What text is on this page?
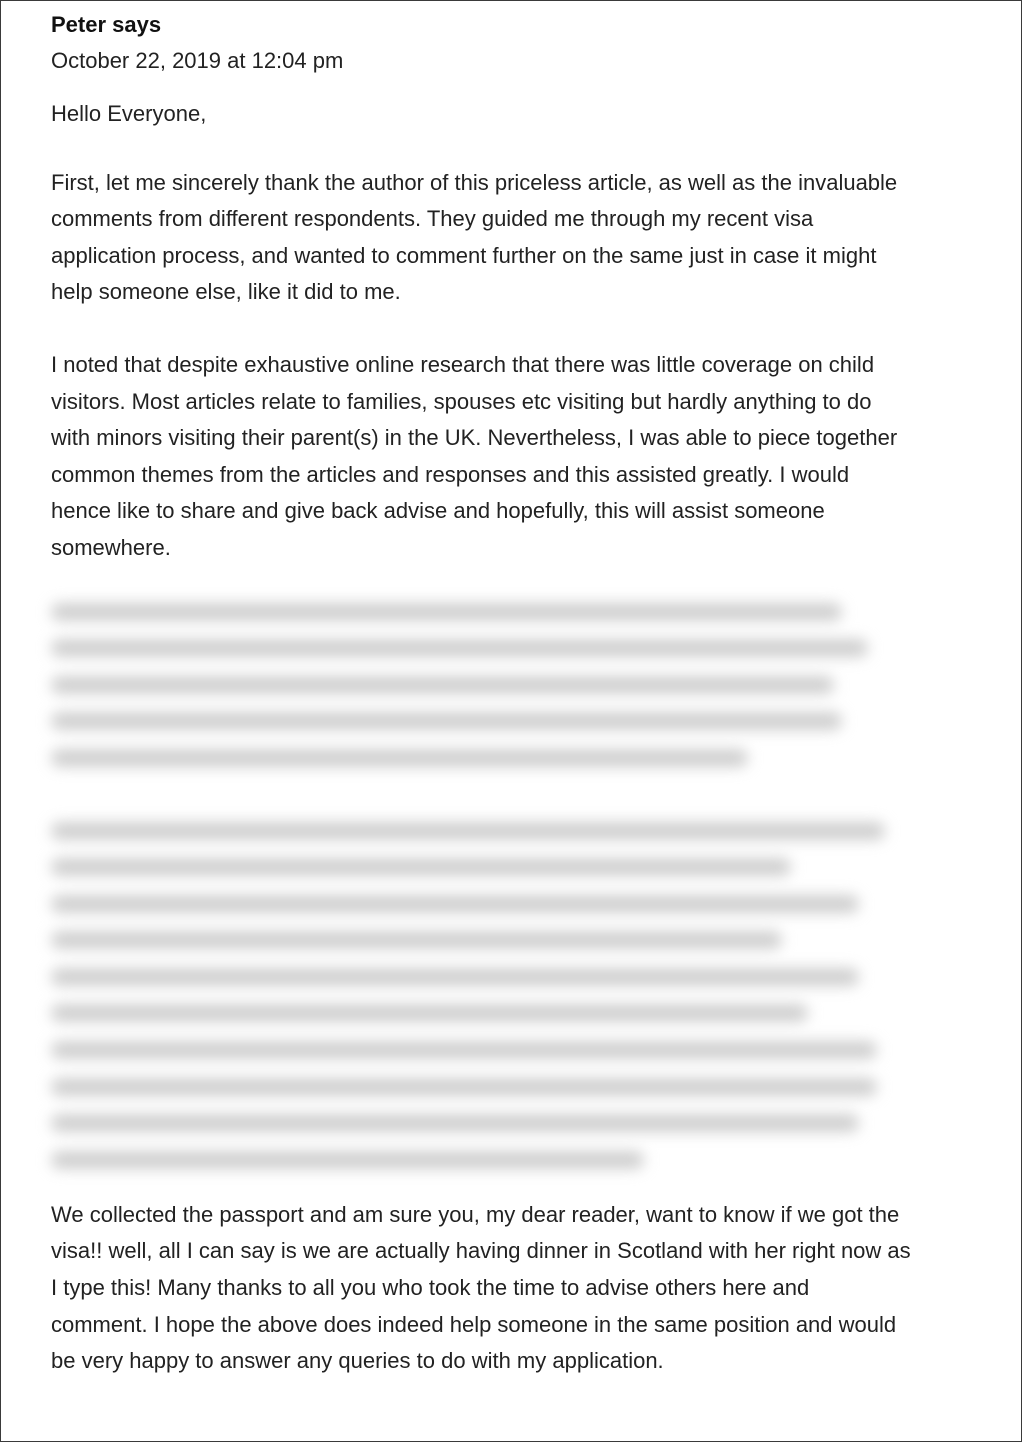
Peter says
October 22, 2019 at 12:04 pm

Hello Everyone,

First, let me sincerely thank the author of this priceless article, as well as the invaluable comments from different respondents. They guided me through my recent visa application process, and wanted to comment further on the same just in case it might help someone else, like it did to me.

I noted that despite exhaustive online research that there was little coverage on child visitors. Most articles relate to families, spouses etc visiting but hardly anything to do with minors visiting their parent(s) in the UK. Nevertheless, I was able to piece together common themes from the articles and responses and this assisted greatly. I would hence like to share and give back advise and hopefully, this will assist someone somewhere.

We collected the passport and am sure you, my dear reader, want to know if we got the visa!! well, all I can say is we are actually having dinner in Scotland with her right now as I type this! Many thanks to all you who took the time to advise others here and comment. I hope the above does indeed help someone in the same position and would be very happy to answer any queries to do with my application.
